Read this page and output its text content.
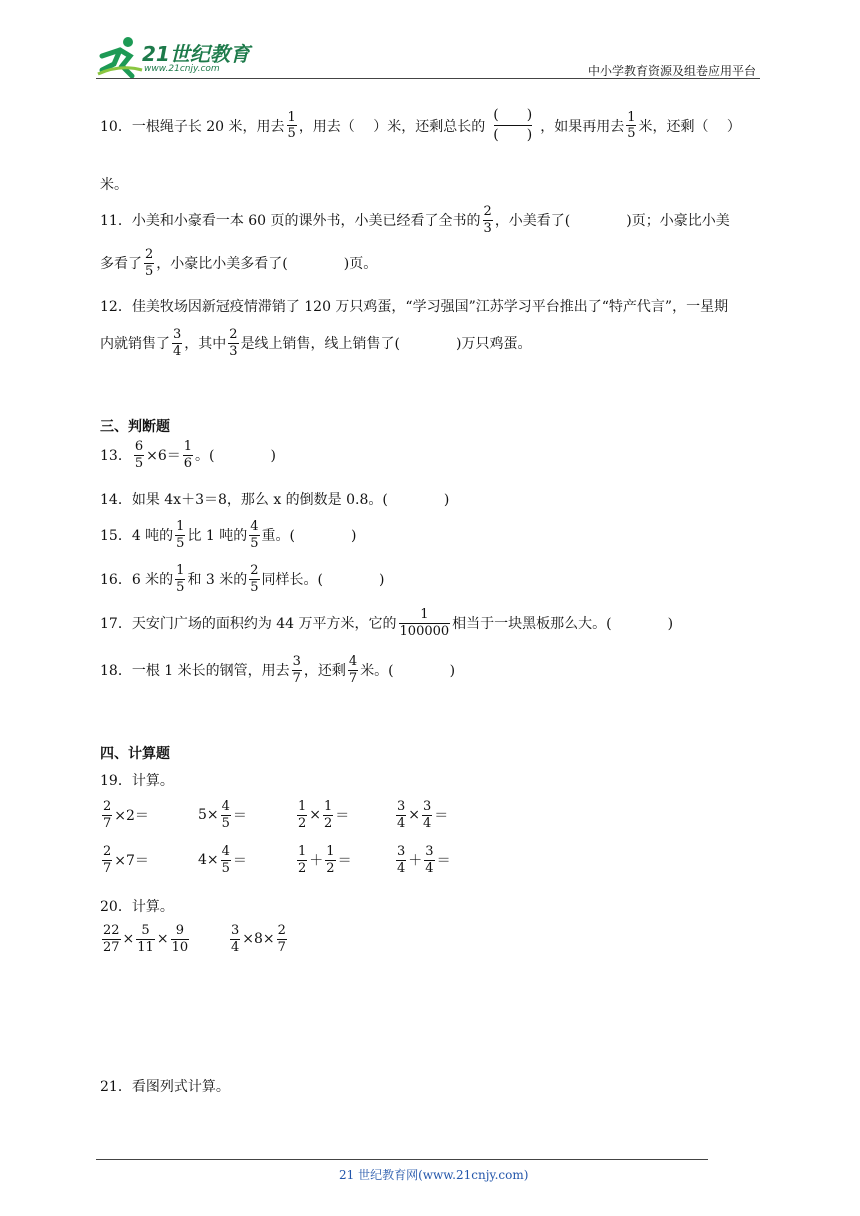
21世纪教育
www.21cnjy.com	中小学教育资源及组卷应用平台
10．一根绳子长 20 米，用去 $\frac{1}{5}$ ，用去（　 ）米，还剩总长的
(　　)
(　　)
，如果再用去 $\frac{1}{5}$ 米，还剩（　 ）
米。
11．小美和小豪看一本 60 页的课外书，小美已经看了全书的 $\frac{2}{3}$ ，小美看了(　　　　)页；小豪比小美
多看了 $\frac{2}{5}$ ，小豪比小美多看了(　　　　)页。
12．佳美牧场因新冠疫情滞销了 120 万只鸡蛋，“学习强国”江苏学习平台推出了“特产代言”，一星期
内就销售了 $\frac{3}{4}$ ，其中 $\frac{2}{3}$ 是线上销售，线上销售了(　　　　)万只鸡蛋。
三、判断题
13． $\frac{6}{5} \times 6= \frac{1}{6}$ 。(　　　　)
14．如果 4x＋3＝8，那么 x 的倒数是 0.8。(　　　　)
15．4 吨的 $\frac{1}{5}$ 比 1 吨的 $\frac{4}{5}$ 重。(　　　　)
16．6 米的 $\frac{1}{5}$ 和 3 米的 $\frac{2}{5}$ 同样长。(　　　　)
17．天安门广场的面积约为 44 万平方米，它的 $\frac{1}{100000}$ 相当于一块黑板那么大。(　　　　)
18．一根 1 米长的钢管，用去 $\frac{3}{7}$ ，还剩 $\frac{4}{7}$ 米。(　　　　)
四、计算题
19．计算。
$\frac{2}{7} \times 2=$	$5\times \frac{4}{5}$ ＝	$\frac{1}{2} \times \frac{1}{2}$ ＝	$\frac{3}{4} \times \frac{3}{4}$ ＝
$\frac{2}{7} \times 7=$	$4\times \frac{4}{5}$ ＝	$\frac{1}{2} + \frac{1}{2}$ ＝	$\frac{3}{4} + \frac{3}{4}$ ＝
20．计算。
$\frac{22}{27} \times \frac{5}{11} \times \frac{9}{10}$	$\frac{3}{4} \times 8\times \frac{2}{7}$
21．看图列式计算。
21 世纪教育网(www.21cnjy.com)
